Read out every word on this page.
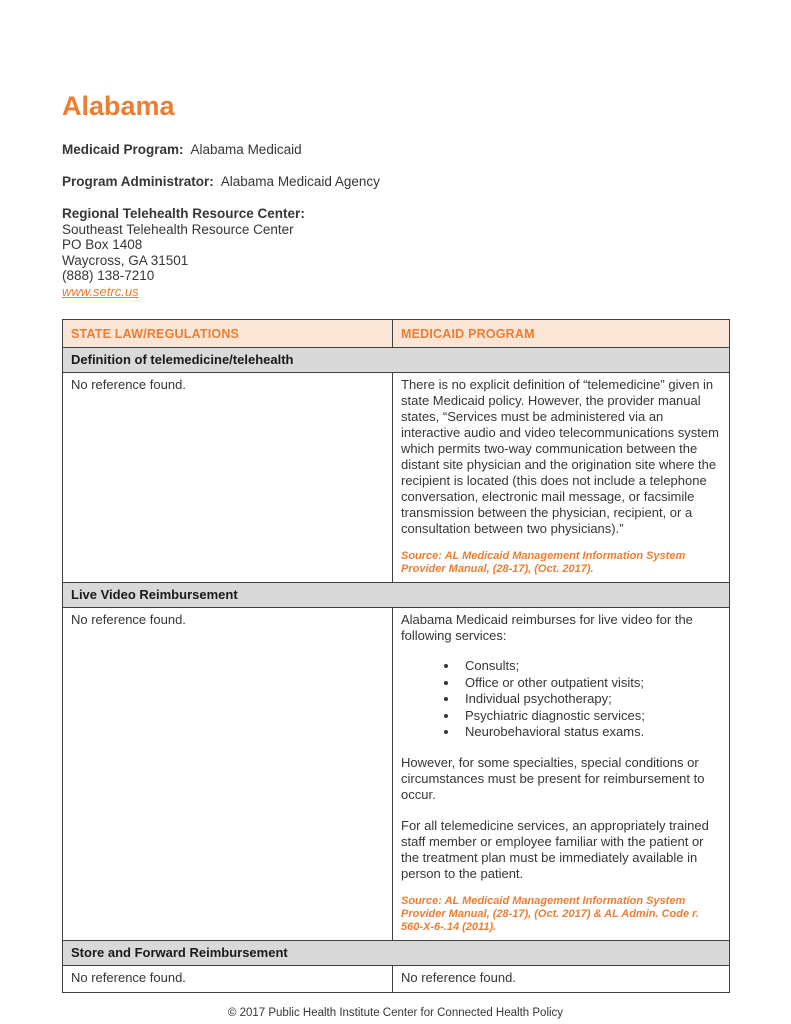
Alabama

Medicaid Program: Alabama Medicaid

Program Administrator: Alabama Medicaid Agency

Regional Telehealth Resource Center:
Southeast Telehealth Resource Center
PO Box 1408
Waycross, GA 31501
(888) 138-7210
www.setrc.us
STATE LAW/REGULATIONS	MEDICAID PROGRAM
Definition of telemedicine/telehealth	

No reference found.	There is no explicit definition of “telemedicine” given in state Medicaid policy. However, the provider manual states, “Services must be administered via an interactive audio and video telecommunications system which permits two-way communication between the distant site physician and the origination site where the recipient is located (this does not include a telephone conversation, electronic mail message, or facsimile transmission between the physician, recipient, or a consultation between two physicians).”

Source: AL Medicaid Management Information System Provider Manual, (28-17), (Oct. 2017).

Live Video Reimbursement	

No reference found.	Alabama Medicaid reimburses for live video for the following services:

• Consults;
• Office or other outpatient visits;
• Individual psychotherapy;
• Psychiatric diagnostic services;
• Neurobehavioral status exams.

However, for some specialties, special conditions or circumstances must be present for reimbursement to occur.

For all telemedicine services, an appropriately trained staff member or employee familiar with the patient or the treatment plan must be immediately available in person to the patient.

Source: AL Medicaid Management Information System Provider Manual, (28-17), (Oct. 2017) & AL Admin. Code r. 560-X-6-.14 (2011).

Store and Forward Reimbursement	

No reference found.	No reference found.

© 2017 Public Health Institute Center for Connected Health Policy
